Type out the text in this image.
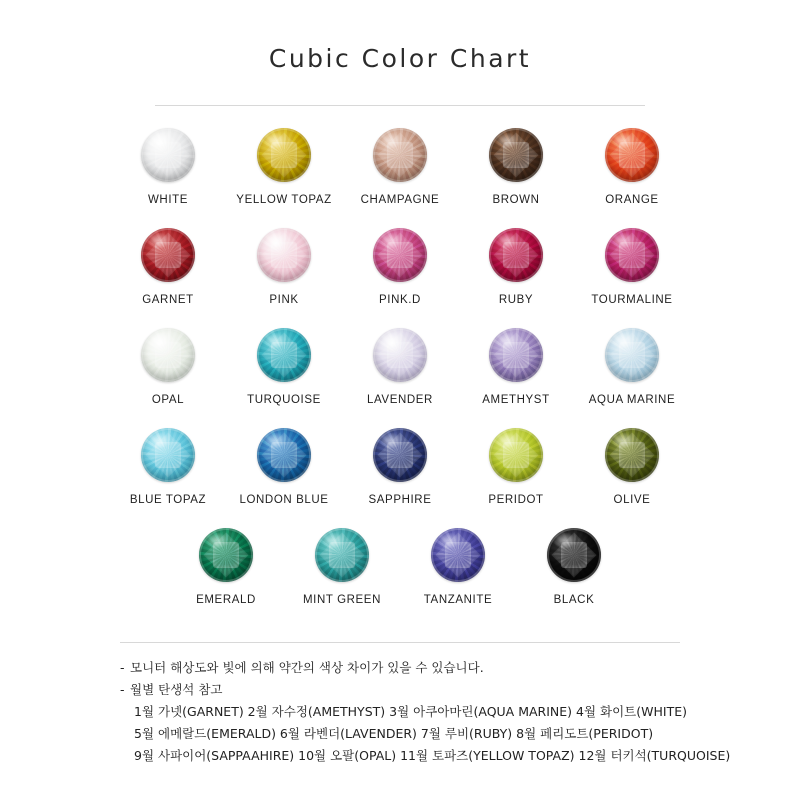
Cubic Color Chart
WHITE	YELLOW TOPAZ	CHAMPAGNE	BROWN	ORANGE
GARNET	PINK	PINK.D	RUBY	TOURMALINE
OPAL	TURQUOISE	LAVENDER	AMETHYST	AQUA MARINE
BLUE TOPAZ	LONDON BLUE	SAPPHIRE	PERIDOT	OLIVE
EMERALD	MINT GREEN	TANZANITE	BLACK
- 모니터 해상도와 빛에 의해 약간의 색상 차이가 있을 수 있습니다.
- 월별 탄생석 참고
1월 가넷(GARNET) 2월 자수정(AMETHYST) 3월 아쿠아마린(AQUA MARINE) 4월 화이트(WHITE)
5월 에메랄드(EMERALD) 6월 라벤더(LAVENDER) 7월 루비(RUBY) 8월 페리도트(PERIDOT)
9월 사파이어(SAPPAAHIRE) 10월 오팔(OPAL) 11월 토파즈(YELLOW TOPAZ) 12월 터키석(TURQUOISE)
